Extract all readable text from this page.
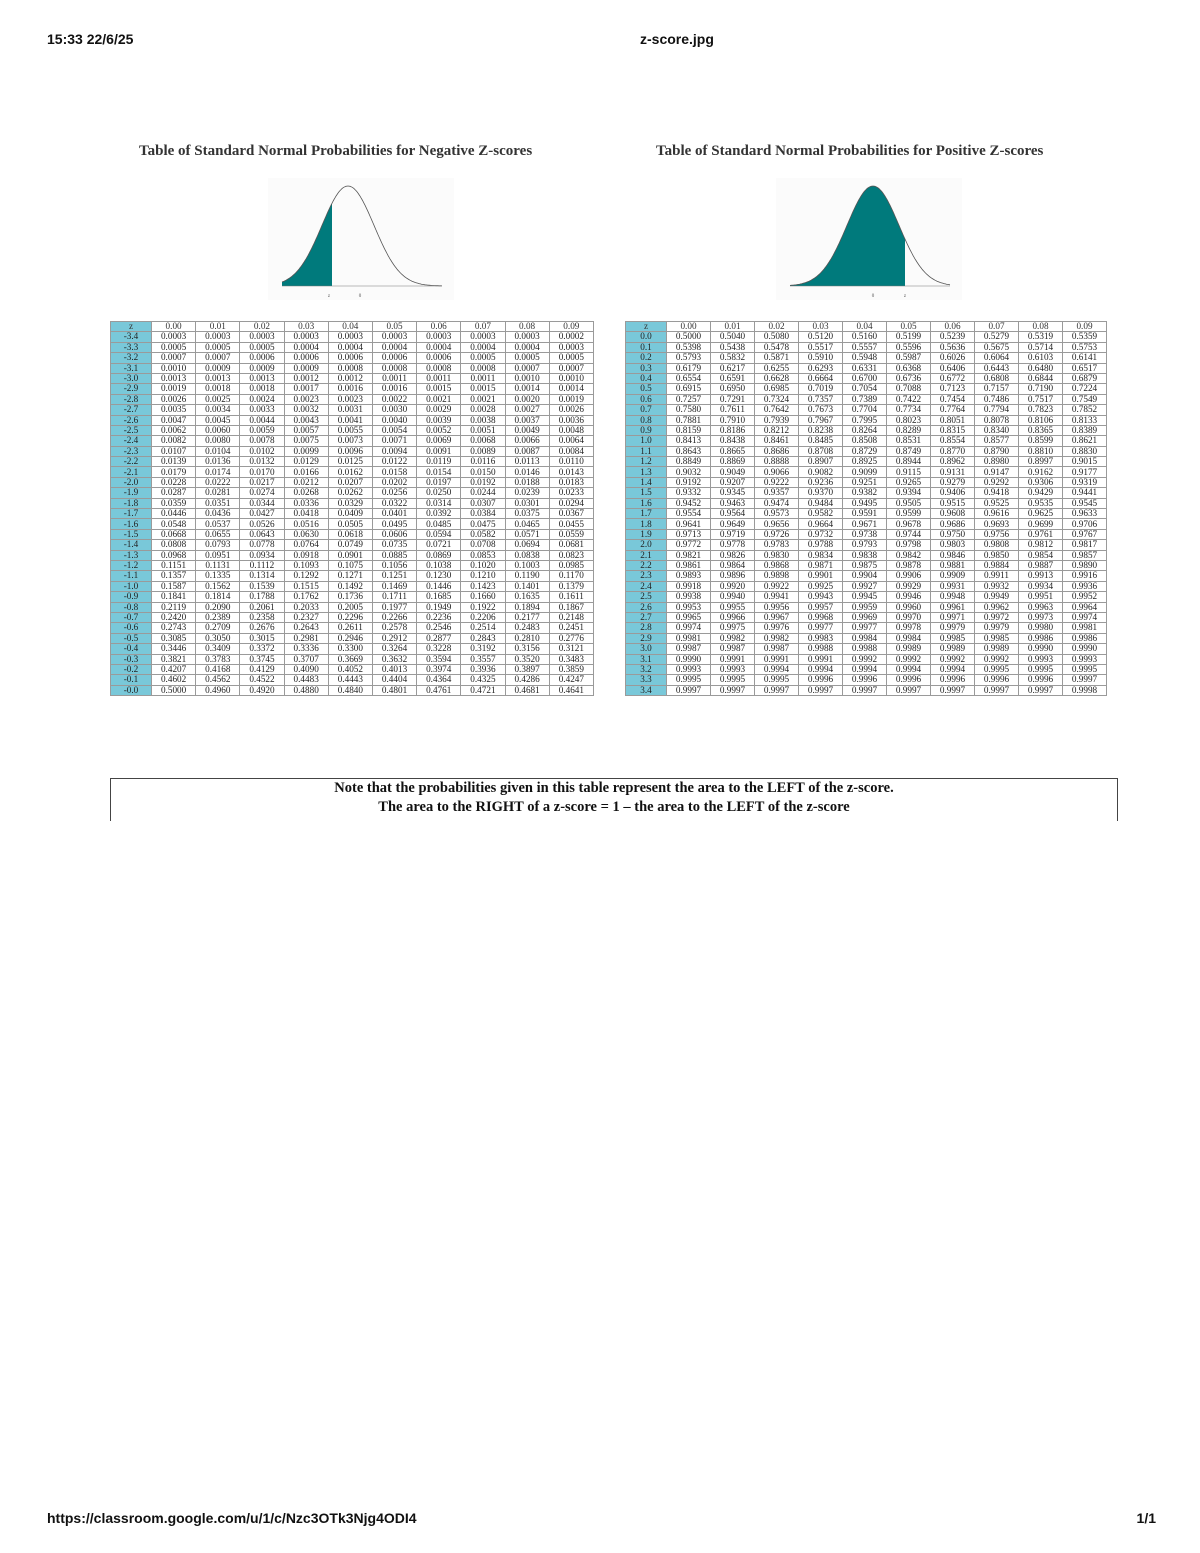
15:33 22/6/25	z-score.jpg
Table of Standard Normal Probabilities for Negative Z-scores	Table of Standard Normal Probabilities for Positive Z-scores
z	0	0	z
z	0.00	0.01	0.02	0.03	0.04	0.05	0.06	0.07	0.08	0.09
-3.4	0.0003	0.0003	0.0003	0.0003	0.0003	0.0003	0.0003	0.0003	0.0003	0.0002
-3.3	0.0005	0.0005	0.0005	0.0004	0.0004	0.0004	0.0004	0.0004	0.0004	0.0003
-3.2	0.0007	0.0007	0.0006	0.0006	0.0006	0.0006	0.0006	0.0005	0.0005	0.0005
-3.1	0.0010	0.0009	0.0009	0.0009	0.0008	0.0008	0.0008	0.0008	0.0007	0.0007
-3.0	0.0013	0.0013	0.0013	0.0012	0.0012	0.0011	0.0011	0.0011	0.0010	0.0010
-2.9	0.0019	0.0018	0.0018	0.0017	0.0016	0.0016	0.0015	0.0015	0.0014	0.0014
-2.8	0.0026	0.0025	0.0024	0.0023	0.0023	0.0022	0.0021	0.0021	0.0020	0.0019
-2.7	0.0035	0.0034	0.0033	0.0032	0.0031	0.0030	0.0029	0.0028	0.0027	0.0026
-2.6	0.0047	0.0045	0.0044	0.0043	0.0041	0.0040	0.0039	0.0038	0.0037	0.0036
-2.5	0.0062	0.0060	0.0059	0.0057	0.0055	0.0054	0.0052	0.0051	0.0049	0.0048
-2.4	0.0082	0.0080	0.0078	0.0075	0.0073	0.0071	0.0069	0.0068	0.0066	0.0064
-2.3	0.0107	0.0104	0.0102	0.0099	0.0096	0.0094	0.0091	0.0089	0.0087	0.0084
-2.2	0.0139	0.0136	0.0132	0.0129	0.0125	0.0122	0.0119	0.0116	0.0113	0.0110
-2.1	0.0179	0.0174	0.0170	0.0166	0.0162	0.0158	0.0154	0.0150	0.0146	0.0143
-2.0	0.0228	0.0222	0.0217	0.0212	0.0207	0.0202	0.0197	0.0192	0.0188	0.0183
-1.9	0.0287	0.0281	0.0274	0.0268	0.0262	0.0256	0.0250	0.0244	0.0239	0.0233
-1.8	0.0359	0.0351	0.0344	0.0336	0.0329	0.0322	0.0314	0.0307	0.0301	0.0294
-1.7	0.0446	0.0436	0.0427	0.0418	0.0409	0.0401	0.0392	0.0384	0.0375	0.0367
-1.6	0.0548	0.0537	0.0526	0.0516	0.0505	0.0495	0.0485	0.0475	0.0465	0.0455
-1.5	0.0668	0.0655	0.0643	0.0630	0.0618	0.0606	0.0594	0.0582	0.0571	0.0559
-1.4	0.0808	0.0793	0.0778	0.0764	0.0749	0.0735	0.0721	0.0708	0.0694	0.0681
-1.3	0.0968	0.0951	0.0934	0.0918	0.0901	0.0885	0.0869	0.0853	0.0838	0.0823
-1.2	0.1151	0.1131	0.1112	0.1093	0.1075	0.1056	0.1038	0.1020	0.1003	0.0985
-1.1	0.1357	0.1335	0.1314	0.1292	0.1271	0.1251	0.1230	0.1210	0.1190	0.1170
-1.0	0.1587	0.1562	0.1539	0.1515	0.1492	0.1469	0.1446	0.1423	0.1401	0.1379
-0.9	0.1841	0.1814	0.1788	0.1762	0.1736	0.1711	0.1685	0.1660	0.1635	0.1611
-0.8	0.2119	0.2090	0.2061	0.2033	0.2005	0.1977	0.1949	0.1922	0.1894	0.1867
-0.7	0.2420	0.2389	0.2358	0.2327	0.2296	0.2266	0.2236	0.2206	0.2177	0.2148
-0.6	0.2743	0.2709	0.2676	0.2643	0.2611	0.2578	0.2546	0.2514	0.2483	0.2451
-0.5	0.3085	0.3050	0.3015	0.2981	0.2946	0.2912	0.2877	0.2843	0.2810	0.2776
-0.4	0.3446	0.3409	0.3372	0.3336	0.3300	0.3264	0.3228	0.3192	0.3156	0.3121
-0.3	0.3821	0.3783	0.3745	0.3707	0.3669	0.3632	0.3594	0.3557	0.3520	0.3483
-0.2	0.4207	0.4168	0.4129	0.4090	0.4052	0.4013	0.3974	0.3936	0.3897	0.3859
-0.1	0.4602	0.4562	0.4522	0.4483	0.4443	0.4404	0.4364	0.4325	0.4286	0.4247
-0.0	0.5000	0.4960	0.4920	0.4880	0.4840	0.4801	0.4761	0.4721	0.4681	0.4641
z	0.00	0.01	0.02	0.03	0.04	0.05	0.06	0.07	0.08	0.09
0.0	0.5000	0.5040	0.5080	0.5120	0.5160	0.5199	0.5239	0.5279	0.5319	0.5359
0.1	0.5398	0.5438	0.5478	0.5517	0.5557	0.5596	0.5636	0.5675	0.5714	0.5753
0.2	0.5793	0.5832	0.5871	0.5910	0.5948	0.5987	0.6026	0.6064	0.6103	0.6141
0.3	0.6179	0.6217	0.6255	0.6293	0.6331	0.6368	0.6406	0.6443	0.6480	0.6517
0.4	0.6554	0.6591	0.6628	0.6664	0.6700	0.6736	0.6772	0.6808	0.6844	0.6879
0.5	0.6915	0.6950	0.6985	0.7019	0.7054	0.7088	0.7123	0.7157	0.7190	0.7224
0.6	0.7257	0.7291	0.7324	0.7357	0.7389	0.7422	0.7454	0.7486	0.7517	0.7549
0.7	0.7580	0.7611	0.7642	0.7673	0.7704	0.7734	0.7764	0.7794	0.7823	0.7852
0.8	0.7881	0.7910	0.7939	0.7967	0.7995	0.8023	0.8051	0.8078	0.8106	0.8133
0.9	0.8159	0.8186	0.8212	0.8238	0.8264	0.8289	0.8315	0.8340	0.8365	0.8389
1.0	0.8413	0.8438	0.8461	0.8485	0.8508	0.8531	0.8554	0.8577	0.8599	0.8621
1.1	0.8643	0.8665	0.8686	0.8708	0.8729	0.8749	0.8770	0.8790	0.8810	0.8830
1.2	0.8849	0.8869	0.8888	0.8907	0.8925	0.8944	0.8962	0.8980	0.8997	0.9015
1.3	0.9032	0.9049	0.9066	0.9082	0.9099	0.9115	0.9131	0.9147	0.9162	0.9177
1.4	0.9192	0.9207	0.9222	0.9236	0.9251	0.9265	0.9279	0.9292	0.9306	0.9319
1.5	0.9332	0.9345	0.9357	0.9370	0.9382	0.9394	0.9406	0.9418	0.9429	0.9441
1.6	0.9452	0.9463	0.9474	0.9484	0.9495	0.9505	0.9515	0.9525	0.9535	0.9545
1.7	0.9554	0.9564	0.9573	0.9582	0.9591	0.9599	0.9608	0.9616	0.9625	0.9633
1.8	0.9641	0.9649	0.9656	0.9664	0.9671	0.9678	0.9686	0.9693	0.9699	0.9706
1.9	0.9713	0.9719	0.9726	0.9732	0.9738	0.9744	0.9750	0.9756	0.9761	0.9767
2.0	0.9772	0.9778	0.9783	0.9788	0.9793	0.9798	0.9803	0.9808	0.9812	0.9817
2.1	0.9821	0.9826	0.9830	0.9834	0.9838	0.9842	0.9846	0.9850	0.9854	0.9857
2.2	0.9861	0.9864	0.9868	0.9871	0.9875	0.9878	0.9881	0.9884	0.9887	0.9890
2.3	0.9893	0.9896	0.9898	0.9901	0.9904	0.9906	0.9909	0.9911	0.9913	0.9916
2.4	0.9918	0.9920	0.9922	0.9925	0.9927	0.9929	0.9931	0.9932	0.9934	0.9936
2.5	0.9938	0.9940	0.9941	0.9943	0.9945	0.9946	0.9948	0.9949	0.9951	0.9952
2.6	0.9953	0.9955	0.9956	0.9957	0.9959	0.9960	0.9961	0.9962	0.9963	0.9964
2.7	0.9965	0.9966	0.9967	0.9968	0.9969	0.9970	0.9971	0.9972	0.9973	0.9974
2.8	0.9974	0.9975	0.9976	0.9977	0.9977	0.9978	0.9979	0.9979	0.9980	0.9981
2.9	0.9981	0.9982	0.9982	0.9983	0.9984	0.9984	0.9985	0.9985	0.9986	0.9986
3.0	0.9987	0.9987	0.9987	0.9988	0.9988	0.9989	0.9989	0.9989	0.9990	0.9990
3.1	0.9990	0.9991	0.9991	0.9991	0.9992	0.9992	0.9992	0.9992	0.9993	0.9993
3.2	0.9993	0.9993	0.9994	0.9994	0.9994	0.9994	0.9994	0.9995	0.9995	0.9995
3.3	0.9995	0.9995	0.9995	0.9996	0.9996	0.9996	0.9996	0.9996	0.9996	0.9997
3.4	0.9997	0.9997	0.9997	0.9997	0.9997	0.9997	0.9997	0.9997	0.9997	0.9998
Note that the probabilities given in this table represent the area to the LEFT of the z-score.
The area to the RIGHT of a z-score = 1 – the area to the LEFT of the z-score
https://classroom.google.com/u/1/c/Nzc3OTk3Njg4ODI4	1/1
